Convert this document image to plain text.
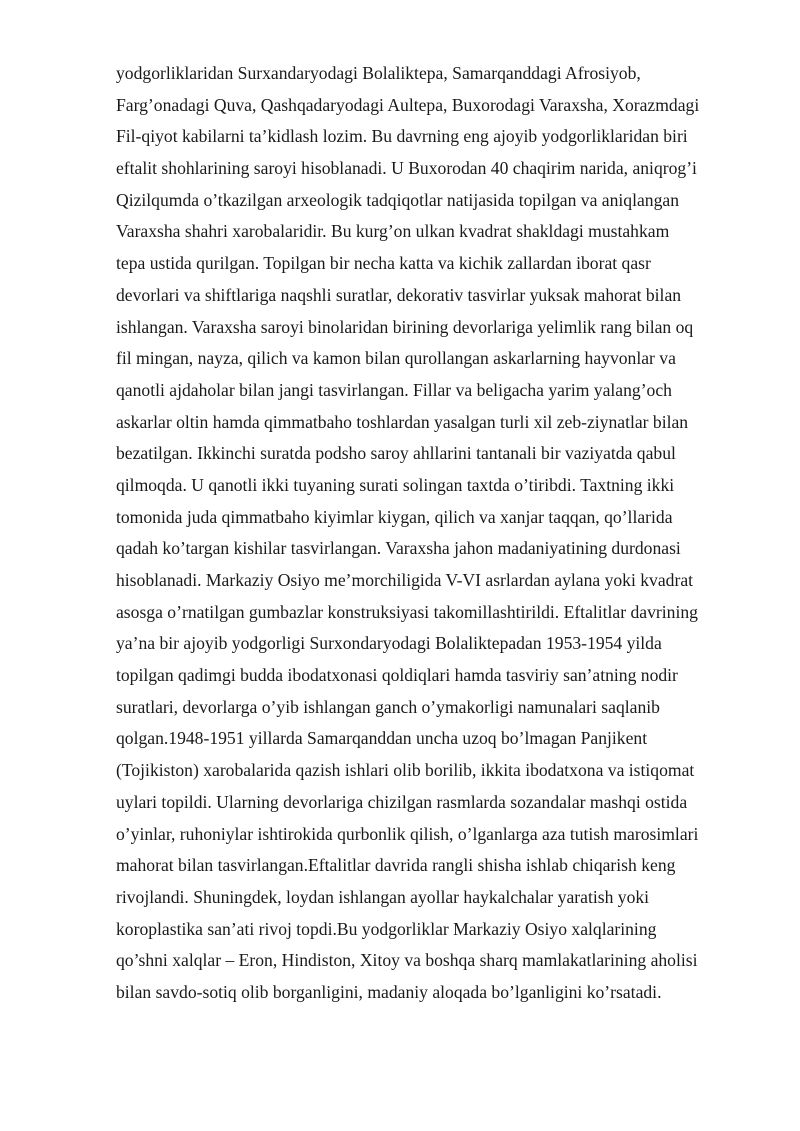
yodgorliklaridan Surxandaryodagi Bolaliktepa, Samarqanddagi Afrosiyob,
Farg’onadagi Quva, Qashqadaryodagi Aultepa, Buxorodagi Varaxsha, Xorazmdagi
Fil-qiyot kabilarni ta’kidlash lozim. Bu davrning eng ajoyib yodgorliklaridan biri
eftalit shohlarining saroyi hisoblanadi. U Buxorodan 40 chaqirim narida, aniqrog’i
Qizilqumda o’tkazilgan arxeologik tadqiqotlar natijasida topilgan va aniqlangan
Varaxsha shahri xarobalaridir. Bu kurg’on ulkan kvadrat shakldagi mustahkam
tepa ustida qurilgan. Topilgan bir necha katta va kichik zallardan iborat qasr
devorlari va shiftlariga naqshli suratlar, dekorativ tasvirlar yuksak mahorat bilan
ishlangan. Varaxsha saroyi binolaridan birining devorlariga yelimlik rang bilan oq
fil mingan, nayza, qilich va kamon bilan qurollangan askarlarning hayvonlar va
qanotli ajdaholar bilan jangi tasvirlangan. Fillar va beligacha yarim yalang’och
askarlar oltin hamda qimmatbaho toshlardan yasalgan turli xil zeb-ziynatlar bilan
bezatilgan. Ikkinchi suratda podsho saroy ahllarini tantanali bir vaziyatda qabul
qilmoqda. U qanotli ikki tuyaning surati solingan taxtda o’tiribdi. Taxtning ikki
tomonida juda qimmatbaho kiyimlar kiygan, qilich va xanjar taqqan, qo’llarida
qadah ko’targan kishilar tasvirlangan. Varaxsha jahon madaniyatining durdonasi
hisoblanadi. Markaziy Osiyo me’morchiligida V-VI asrlardan aylana yoki kvadrat
asosga o’rnatilgan gumbazlar konstruksiyasi takomillashtirildi. Eftalitlar davrining
ya’na bir ajoyib yodgorligi Surxondaryodagi Bolaliktepadan 1953-1954 yilda
topilgan qadimgi budda ibodatxonasi qoldiqlari hamda tasviriy san’atning nodir
suratlari, devorlarga o’yib ishlangan ganch o’ymakorligi namunalari saqlanib
qolgan.1948-1951 yillarda Samarqanddan uncha uzoq bo’lmagan Panjikent
(Tojikiston) xarobalarida qazish ishlari olib borilib, ikkita ibodatxona va istiqomat
uylari topildi. Ularning devorlariga chizilgan rasmlarda sozandalar mashqi ostida
o’yinlar, ruhoniylar ishtirokida qurbonlik qilish, o’lganlarga aza tutish marosimlari
mahorat bilan tasvirlangan.Eftalitlar davrida rangli shisha ishlab chiqarish keng
rivojlandi. Shuningdek, loydan ishlangan ayollar haykalchalar yaratish yoki
koroplastika san’ati rivoj topdi.Bu yodgorliklar Markaziy Osiyo xalqlarining
qo’shni xalqlar – Eron, Hindiston, Xitoy va boshqa sharq mamlakatlarining aholisi
bilan savdo-sotiq olib borganligini, madaniy aloqada bo’lganligini ko’rsatadi.
